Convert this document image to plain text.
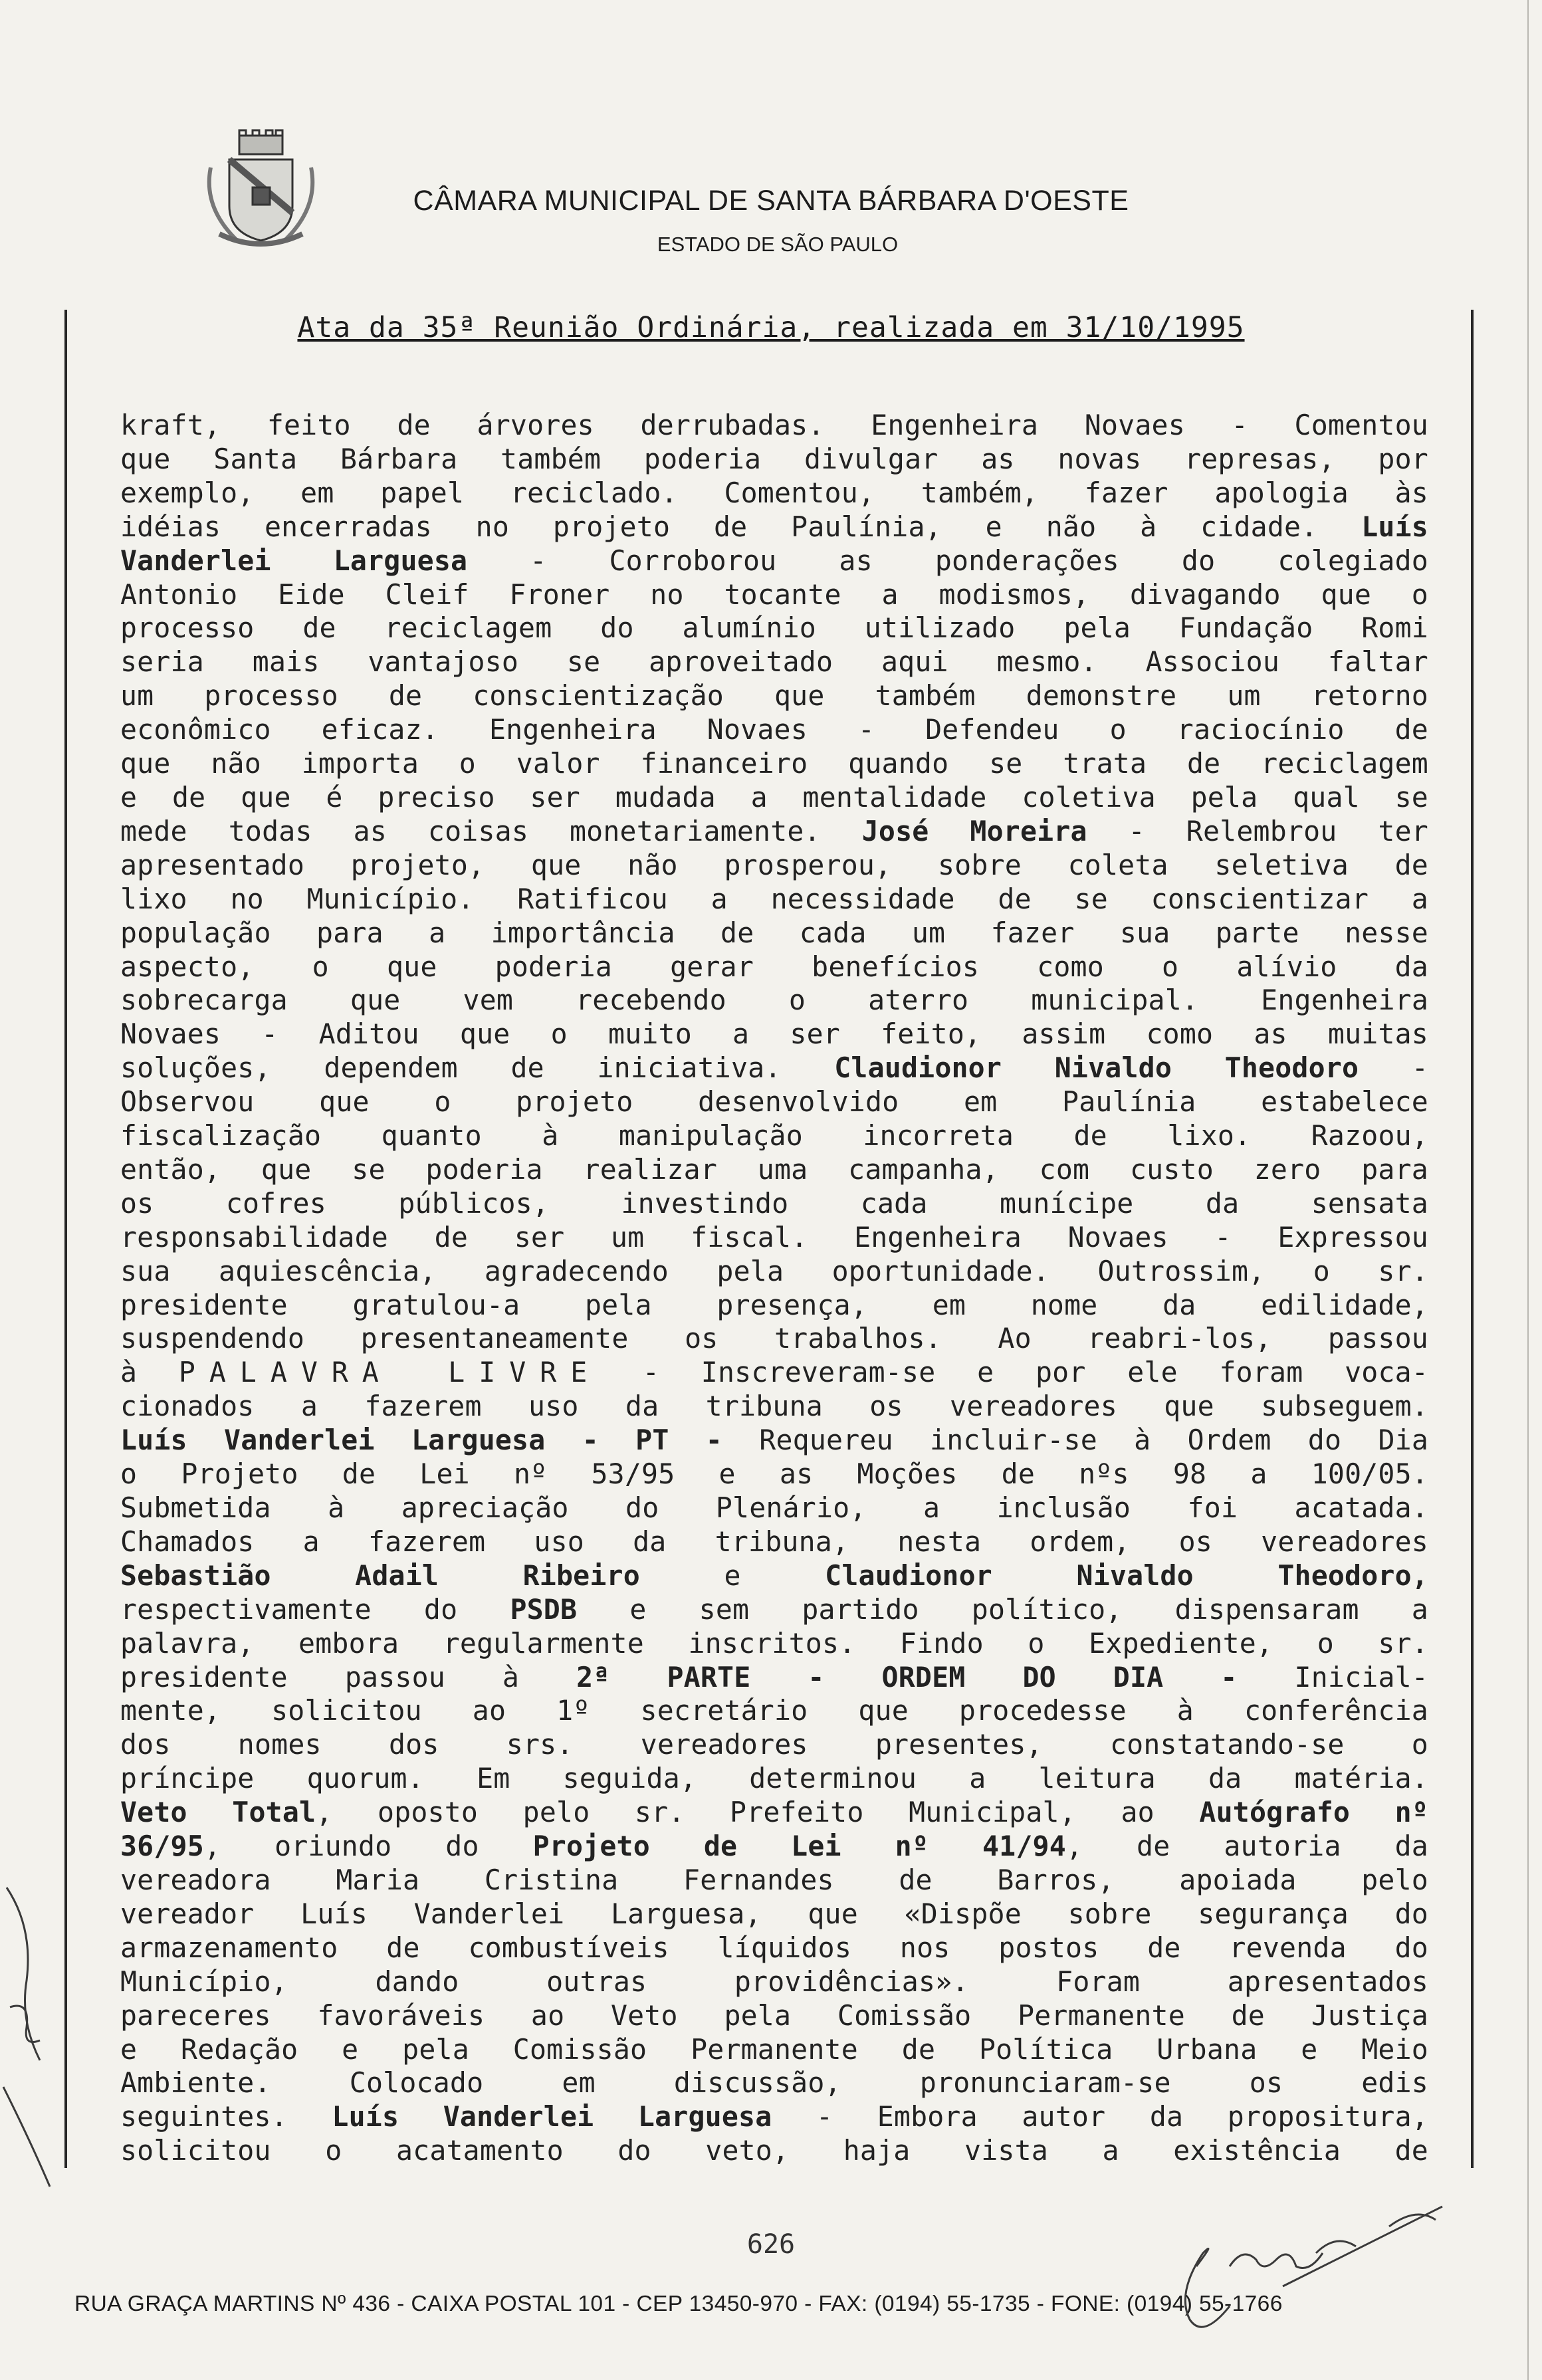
CÂMARA MUNICIPAL DE SANTA BÁRBARA D'OESTE
ESTADO DE SÃO PAULO
Ata da 35ª Reunião Ordinária, realizada em 31/10/1995
kraft, feito de árvores derrubadas. Engenheira Novaes - Comentou
que Santa Bárbara também poderia divulgar as novas represas, por
exemplo, em papel reciclado. Comentou, também, fazer apologia às
idéias encerradas no projeto de Paulínia, e não à cidade. Luís
Vanderlei Larguesa - Corroborou as ponderações do colegiado
Antonio Eide Cleif Froner no tocante a modismos, divagando que o
processo de reciclagem do alumínio utilizado pela Fundação Romi
seria mais vantajoso se aproveitado aqui mesmo. Associou faltar
um processo de conscientização que também demonstre um retorno
econômico eficaz. Engenheira Novaes - Defendeu o raciocínio de
que não importa o valor financeiro quando se trata de reciclagem
e de que é preciso ser mudada a mentalidade coletiva pela qual se
mede todas as coisas monetariamente. José Moreira - Relembrou ter
apresentado projeto, que não prosperou, sobre coleta seletiva de
lixo no Município. Ratificou a necessidade de se conscientizar a
população para a importância de cada um fazer sua parte nesse
aspecto, o que poderia gerar benefícios como o alívio da
sobrecarga que vem recebendo o aterro municipal. Engenheira
Novaes - Aditou que o muito a ser feito, assim como as muitas
soluções, dependem de iniciativa. Claudionor Nivaldo Theodoro -
Observou que o projeto desenvolvido em Paulínia estabelece
fiscalização quanto à manipulação incorreta de lixo. Razoou,
então, que se poderia realizar uma campanha, com custo zero para
os cofres públicos, investindo cada munícipe da sensata
responsabilidade de ser um fiscal. Engenheira Novaes - Expressou
sua aquiescência, agradecendo pela oportunidade. Outrossim, o sr.
presidente gratulou-a pela presença, em nome da edilidade,
suspendendo presentaneamente os trabalhos. Ao reabri-los, passou
à PALAVRA LIVRE - Inscreveram-se e por ele foram voca-
cionados a fazerem uso da tribuna os vereadores que subseguem.
Luís Vanderlei Larguesa - PT - Requereu incluir-se à Ordem do Dia
o Projeto de Lei nº 53/95 e as Moções de nºs 98 a 100/05.
Submetida à apreciação do Plenário, a inclusão foi acatada.
Chamados a fazerem uso da tribuna, nesta ordem, os vereadores
Sebastião Adail Ribeiro e Claudionor Nivaldo Theodoro,
respectivamente do PSDB e sem partido político, dispensaram a
palavra, embora regularmente inscritos. Findo o Expediente, o sr.
presidente passou à 2ª PARTE - ORDEM DO DIA - Inicial-
mente, solicitou ao 1º secretário que procedesse à conferência
dos nomes dos srs. vereadores presentes, constatando-se o
príncipe quorum. Em seguida, determinou a leitura da matéria.
Veto Total, oposto pelo sr. Prefeito Municipal, ao Autógrafo nº
36/95, oriundo do Projeto de Lei nº 41/94, de autoria da
vereadora Maria Cristina Fernandes de Barros, apoiada pelo
vereador Luís Vanderlei Larguesa, que «Dispõe sobre segurança do
armazenamento de combustíveis líquidos nos postos de revenda do
Município, dando outras providências». Foram apresentados
pareceres favoráveis ao Veto pela Comissão Permanente de Justiça
e Redação e pela Comissão Permanente de Política Urbana e Meio
Ambiente. Colocado em discussão, pronunciaram-se os edis
seguintes. Luís Vanderlei Larguesa - Embora autor da propositura,
solicitou o acatamento do veto, haja vista a existência de
626
RUA GRAÇA MARTINS Nº 436 - CAIXA POSTAL 101 - CEP 13450-970 - FAX: (0194) 55-1735 - FONE: (0194) 55-1766
